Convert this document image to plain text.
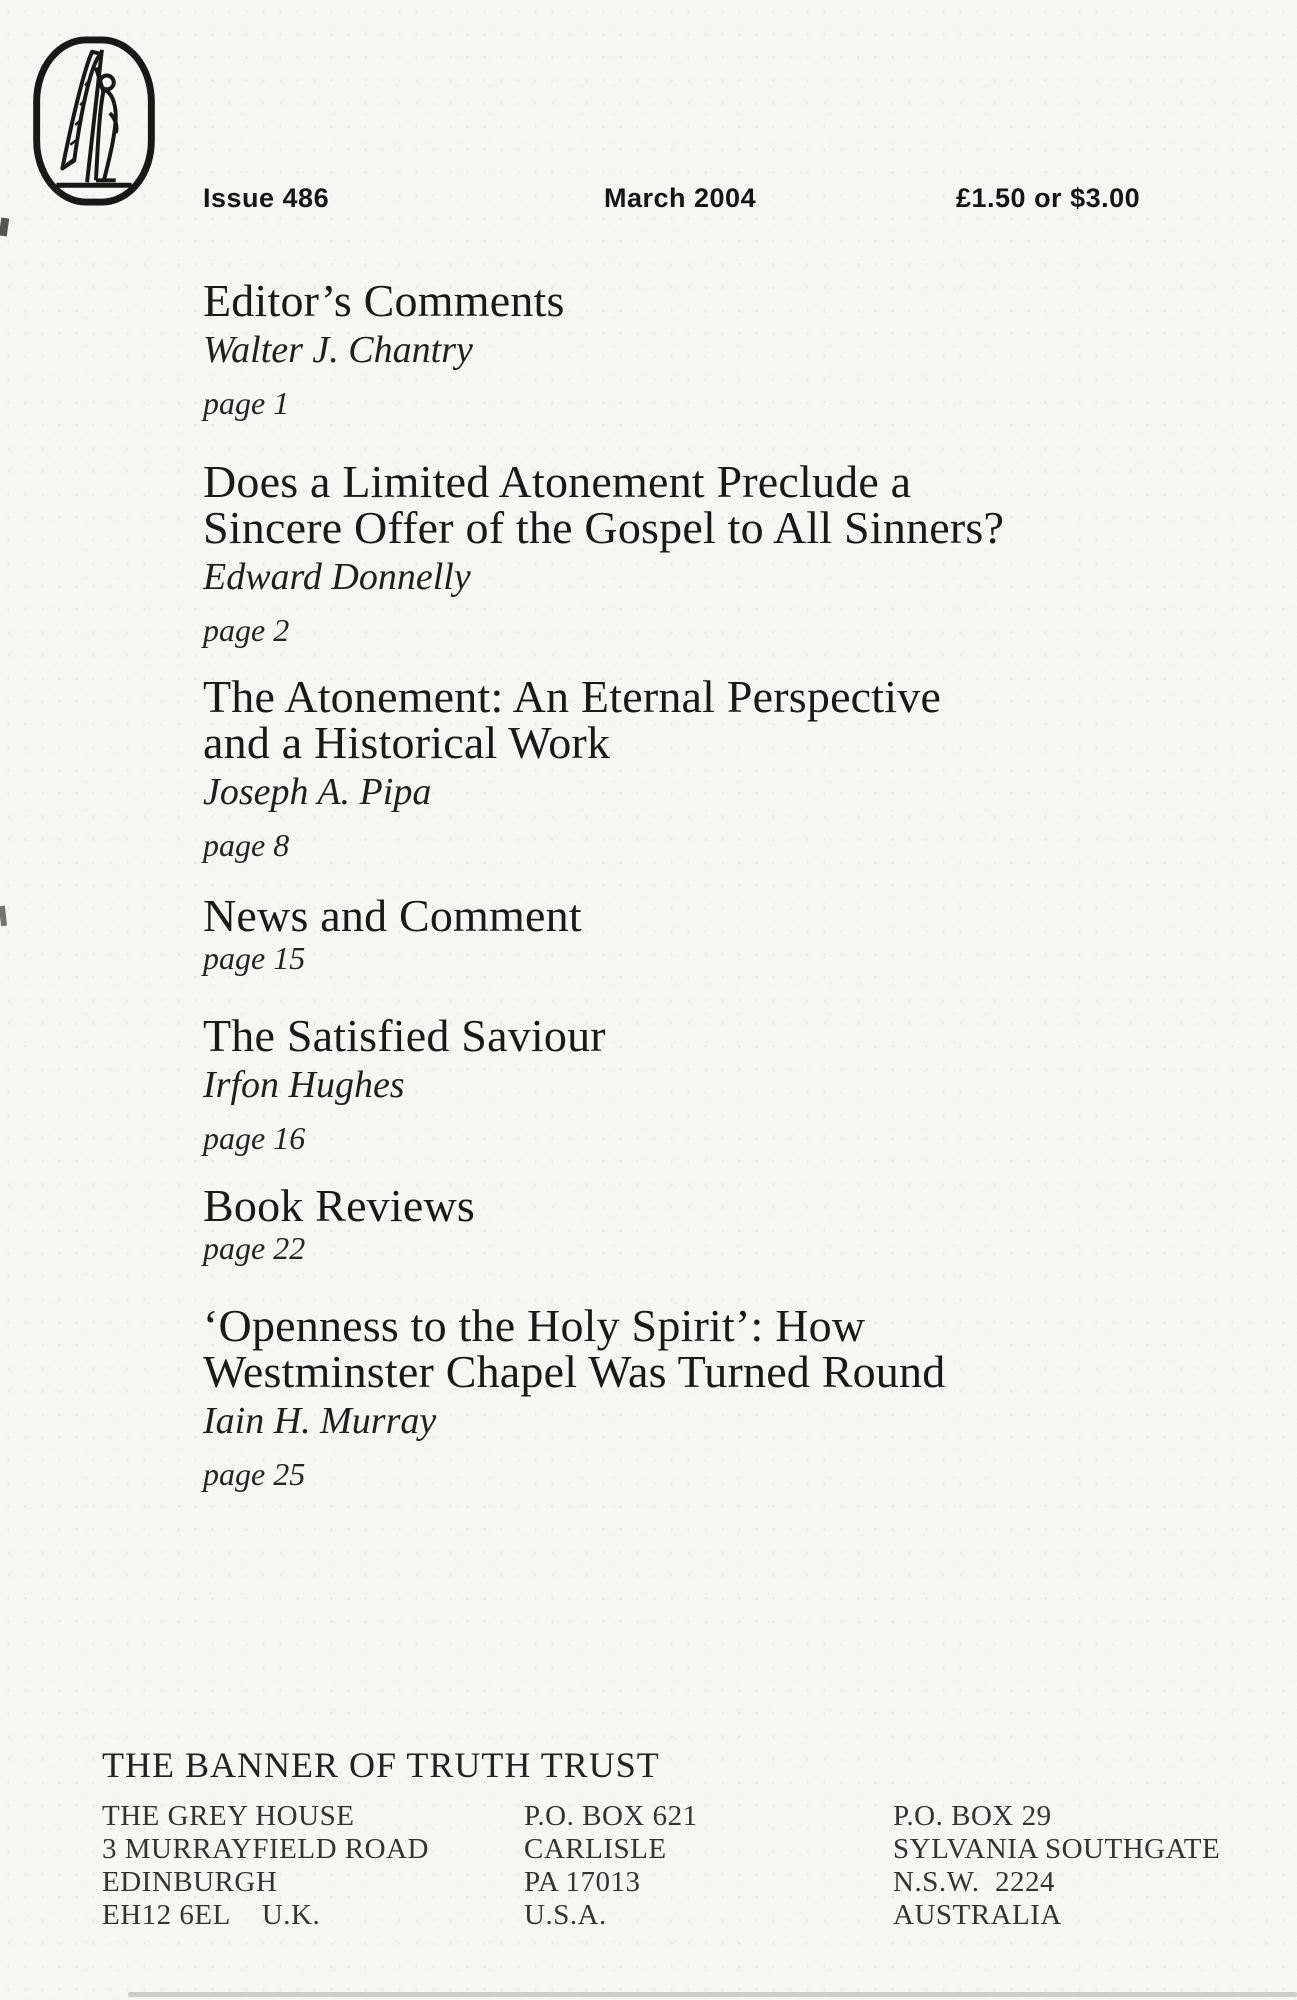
Issue 486	March 2004	£1.50 or $3.00
Editor’s Comments
Walter J. Chantry
page 1
Does a Limited Atonement Preclude a
Sincere Offer of the Gospel to All Sinners?
Edward Donnelly
page 2
The Atonement: An Eternal Perspective
and a Historical Work
Joseph A. Pipa
page 8
News and Comment
page 15
The Satisfied Saviour
Irfon Hughes
page 16
Book Reviews
page 22
‘Openness to the Holy Spirit’: How
Westminster Chapel Was Turned Round
Iain H. Murray
page 25
THE BANNER OF TRUTH TRUST
THE GREY HOUSE
3 MURRAYFIELD ROAD
EDINBURGH
EH12 6EL    U.K.
P.O. BOX 621
CARLISLE
PA 17013
U.S.A.
P.O. BOX 29
SYLVANIA SOUTHGATE
N.S.W.  2224
AUSTRALIA
